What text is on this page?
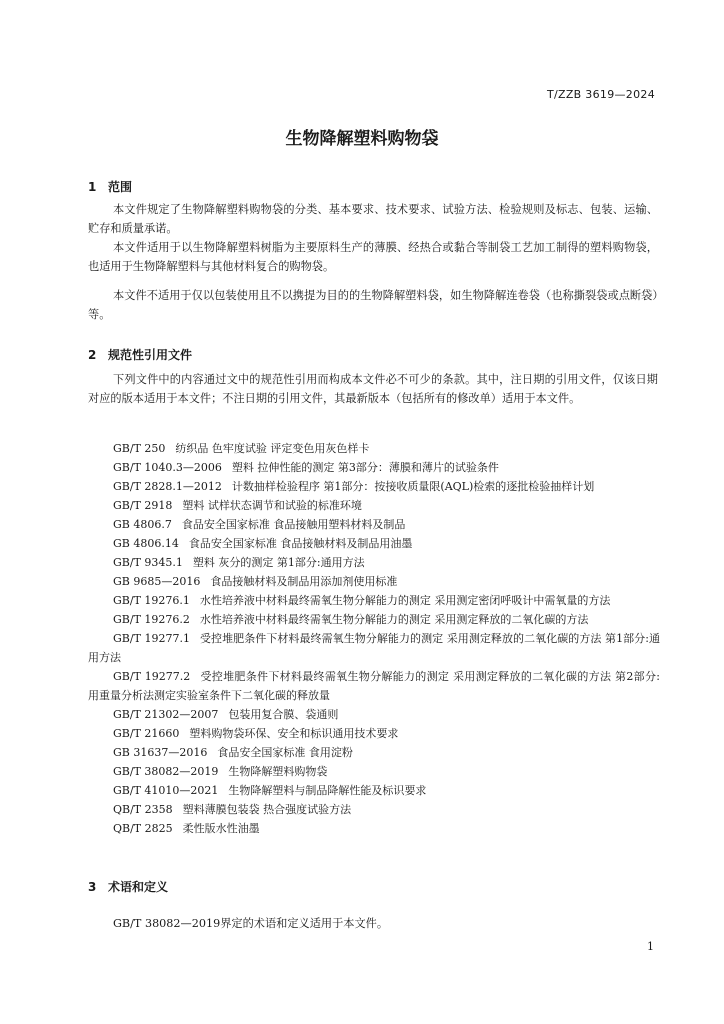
T/ZZB 3619—2024
生物降解塑料购物袋
1 范围

本文件规定了生物降解塑料购物袋的分类、基本要求、技术要求、试验方法、检验规则及标志、包装、运输、贮存和质量承诺。

本文件适用于以生物降解塑料树脂为主要原料生产的薄膜、经热合或黏合等制袋工艺加工制得的塑料购物袋，也适用于生物降解塑料与其他材料复合的购物袋。

本文件不适用于仅以包装使用且不以携提为目的的生物降解塑料袋，如生物降解连卷袋（也称撕裂袋或点断袋）等。

2 规范性引用文件

下列文件中的内容通过文中的规范性引用而构成本文件必不可少的条款。其中，注日期的引用文件，仅该日期对应的版本适用于本文件；不注日期的引用文件，其最新版本（包括所有的修改单）适用于本文件。

GB/T 250 纺织品 色牢度试验 评定变色用灰色样卡
GB/T 1040.3—2006 塑料 拉伸性能的测定 第3部分：薄膜和薄片的试验条件
GB/T 2828.1—2012 计数抽样检验程序 第1部分：按接收质量限(AQL)检索的逐批检验抽样计划
GB/T 2918 塑料 试样状态调节和试验的标准环境
GB 4806.7 食品安全国家标准 食品接触用塑料材料及制品
GB 4806.14 食品安全国家标准 食品接触材料及制品用油墨
GB/T 9345.1 塑料 灰分的测定 第1部分:通用方法
GB 9685—2016 食品接触材料及制品用添加剂使用标准
GB/T 19276.1 水性培养液中材料最终需氧生物分解能力的测定 采用测定密闭呼吸计中需氧量的方法
GB/T 19276.2 水性培养液中材料最终需氧生物分解能力的测定 采用测定释放的二氧化碳的方法
GB/T 19277.1 受控堆肥条件下材料最终需氧生物分解能力的测定 采用测定释放的二氧化碳的方法 第1部分:通用方法
GB/T 19277.2 受控堆肥条件下材料最终需氧生物分解能力的测定 采用测定释放的二氧化碳的方法 第2部分: 用重量分析法测定实验室条件下二氧化碳的释放量
GB/T 21302—2007 包装用复合膜、袋通则
GB/T 21660 塑料购物袋环保、安全和标识通用技术要求
GB 31637—2016 食品安全国家标准 食用淀粉
GB/T 38082—2019 生物降解塑料购物袋
GB/T 41010—2021 生物降解塑料与制品降解性能及标识要求
QB/T 2358 塑料薄膜包装袋 热合强度试验方法
QB/T 2825 柔性版水性油墨
3 术语和定义

GB/T 38082—2019界定的术语和定义适用于本文件。

1
